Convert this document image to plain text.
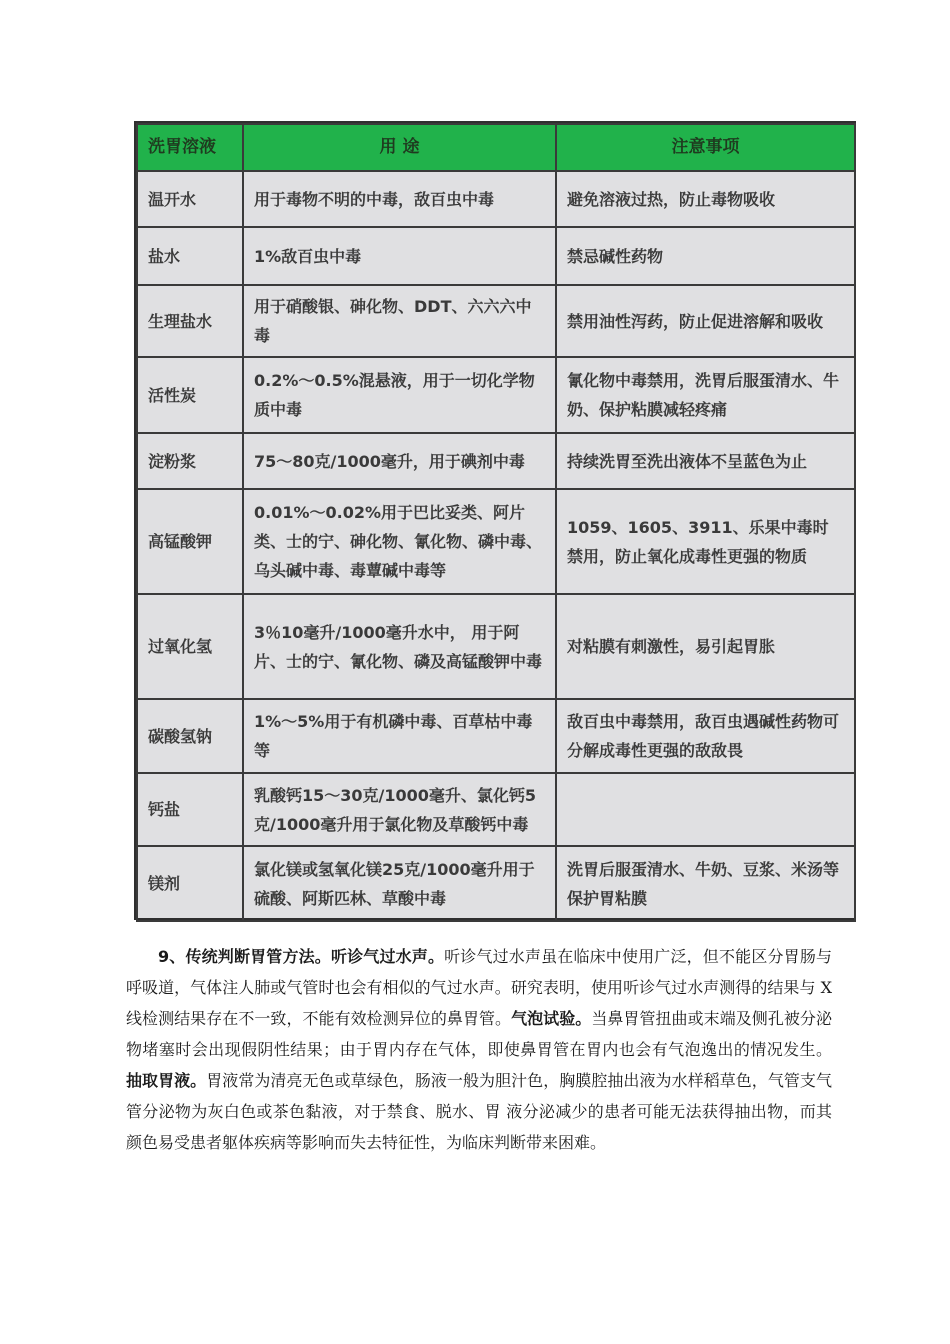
洗胃溶液	用 途	注意事项
温开水	用于毒物不明的中毒，敌百虫中毒	避免溶液过热，防止毒物吸收
盐水	1%敌百虫中毒	禁忌碱性药物
生理盐水	用于硝酸银、砷化物、DDT、六六六中毒	禁用油性泻药，防止促进溶解和吸收
活性炭	0.2%～0.5%混悬液，用于一切化学物质中毒	氰化物中毒禁用，洗胃后服蛋清水、牛奶、保护粘膜减轻疼痛
淀粉浆	75～80克/1000毫升，用于碘剂中毒	持续洗胃至洗出液体不呈蓝色为止
高锰酸钾	0.01%～0.02%用于巴比妥类、阿片类、士的宁、砷化物、氰化物、磷中毒、乌头碱中毒、毒蕈碱中毒等	1059、1605、3911、乐果中毒时禁用，防止氧化成毒性更强的物质
过氧化氢	3％10毫升/1000毫升水中， 用于阿片、士的宁、氰化物、磷及高锰酸钾中毒	对粘膜有刺激性，易引起胃胀
碳酸氢钠	1%～5%用于有机磷中毒、百草枯中毒等	敌百虫中毒禁用，敌百虫遇碱性药物可分解成毒性更强的敌敌畏
钙盐	乳酸钙15～30克/1000毫升、氯化钙5克/1000毫升用于氯化物及草酸钙中毒	
镁剂	氯化镁或氢氧化镁25克/1000毫升用于硫酸、阿斯匹林、草酸中毒	洗胃后服蛋清水、牛奶、豆浆、米汤等保护胃粘膜

9、传统判断胃管方法。听诊气过水声。听诊气过水声虽在临床中使用广泛，但不能区分胃肠与呼吸道，气体注人肺或气管时也会有相似的气过水声。研究表明，使用听诊气过水声测得的结果与 X 线检测结果存在不一致，不能有效检测异位的鼻胃管。气泡试验。当鼻胃管扭曲或末端及侧孔被分泌物堵塞时会出现假阴性结果；由于胃内存在气体，即使鼻胃管在胃内也会有气泡逸出的情况发生。 抽取胃液。胃液常为清亮无色或草绿色，肠液一般为胆汁色，胸膜腔抽出液为水样稻草色，气管支气管分泌物为灰白色或茶色黏液，对于禁食、脱水、胃 液分泌减少的患者可能无法获得抽出物，而其颜色易受患者躯体疾病等影响而失去特征性，为临床判断带来困难。
